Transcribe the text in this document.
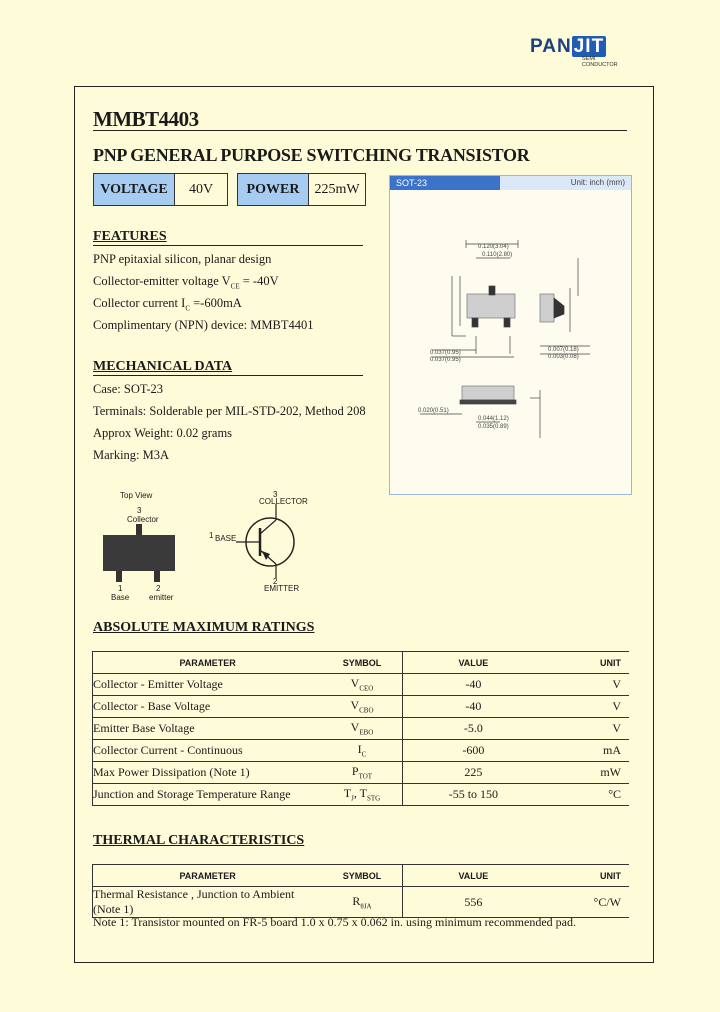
PAN JIT
SEMI
CONDUCTOR
MMBT4403
PNP GENERAL PURPOSE SWITCHING TRANSISTOR
VOLTAGE	40V	POWER	225mW
FEATURES
PNP epitaxial silicon, planar design
Collector-emitter voltage $V_{CE} = -40V$
Collector current $I_C =-600mA$
Complimentary (NPN) device: MMBT4401
MECHANICAL DATA
Case: SOT-23
Terminals: Solderable per MIL-STD-202, Method 208
Approx Weight: 0.02 grams
Marking: M3A
SOT-23	Unit: inch (mm)
0.120(3.04)
0.110(2.80)
0.037(0.95)
0.037(0.95)
0.007(0.18)
0.003(0.08)
0.020(0.51)
0.044(1.12)
0.035(0.89)
Top View
3
Collector
1
Base
2
emitter
3
COLLECTOR
1 BASE
2
EMITTER
ABSOLUTE MAXIMUM RATINGS
PARAMETER	SYMBOL	VALUE	UNIT
Collector - Emitter Voltage	$V_{CEO}$	-40	V
Collector - Base Voltage	$V_{CBO}$	-40	V
Emitter Base Voltage	$V_{EBO}$	-5.0	V
Collector Current - Continuous	$I_C$	-600	mA
Max Power Dissipation (Note 1)	$P_{TOT}$	225	mW
Junction and Storage Temperature Range	$T_J$, $T_{STG}$	-55 to 150	°C
THERMAL CHARACTERISTICS
PARAMETER	SYMBOL	VALUE	UNIT
Thermal Resistance , Junction to Ambient (Note 1)	$R_{\theta JA}$	556	°C/W
Note 1: Transistor mounted on FR-5 board 1.0 x 0.75 x 0.062 in. using minimum recommended pad.
